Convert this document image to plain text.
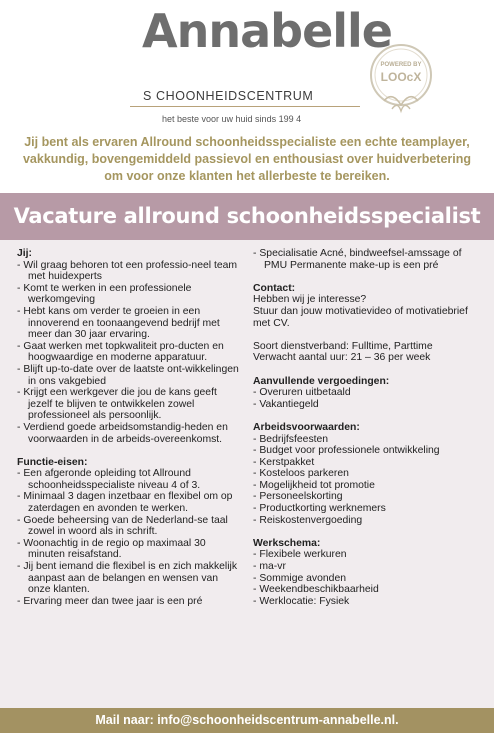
Annabelle
S CHOONHEIDSCENTRUM
het beste voor uw huid sinds 199 4
POWERED BY
LOOcX
Jij bent als ervaren Allround schoonheidsspecialiste een echte teamplayer, vakkundig, bovengemiddeld passievol en enthousiast over huidverbetering om voor onze klanten het allerbeste te bereiken.
Vacature allround schoonheidsspecialist

Jij:

- Wil graag behoren tot een professio-neel team met huidexperts
- Komt te werken in een professionele werkomgeving
- Hebt kans om verder te groeien in een innoverend en toonaangevend bedrijf met meer dan 30 jaar ervaring.
- Gaat werken met topkwaliteit pro-ducten en hoogwaardige en moderne apparatuur.
- Blijft up-to-date over de laatste ont-wikkelingen in ons vakgebied
- Krijgt een werkgever die jou de kans geeft jezelf te blijven te ontwikkelen zowel professioneel als persoonlijk.
- Verdiend goede arbeidsomstandig-heden en voorwaarden in de arbeids-overeenkomst.

Functie-eisen:

- Een afgeronde opleiding tot Allround schoonheidsspecialiste niveau 4 of 3.
- Minimaal 3 dagen inzetbaar en flexibel om op zaterdagen en avonden te werken.
- Goede beheersing van de Nederland-se taal zowel in woord als in schrift.
- Woonachtig in de regio op maximaal 30 minuten reisafstand.
- Jij bent iemand die flexibel is en zich makkelijk aanpast aan de belangen en wensen van onze klanten.
- Ervaring meer dan twee jaar is een pré
- Specialisatie Acné, bindweefsel-amssage of PMU Permanente make-up is een pré

Contact:

Hebben wij je interesse?

Stuur dan jouw motivatievideo of motivatiebrief met CV.

Soort dienstverband: Fulltime, Parttime

Verwacht aantal uur: 21 – 36 per week

Aanvullende vergoedingen:

- Overuren uitbetaald
- Vakantiegeld

Arbeidsvoorwaarden:

- Bedrijfsfeesten
- Budget voor professionele ontwikkeling
- Kerstpakket
- Kosteloos parkeren
- Mogelijkheid tot promotie
- Personeelskorting
- Productkorting werknemers
- Reiskostenvergoeding

Werkschema:

- Flexibele werkuren
- ma-vr
- Sommige avonden
- Weekendbeschikbaarheid
- Werklocatie: Fysiek
Mail naar: info@schoonheidscentrum-annabelle.nl.
